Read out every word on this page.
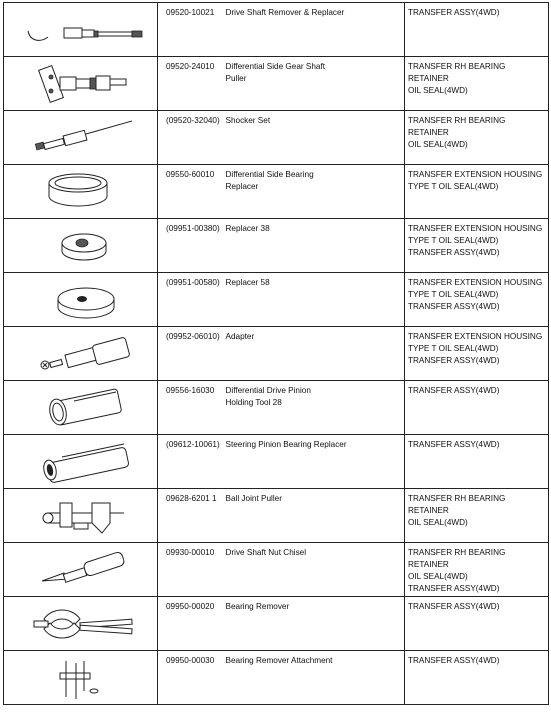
09520-10021	Drive Shaft Remover & Replacer	TRANSFER ASSY(4WD)

09520-24010	Differential Side Gear Shaft
Puller	TRANSFER RH BEARING RETAINER
OIL SEAL(4WD)

(09520-32040)	Shocker Set	TRANSFER RH BEARING RETAINER
OIL SEAL(4WD)

09550-60010	Differential Side Bearing
Replacer	TRANSFER EXTENSION HOUSING
TYPE T OIL SEAL(4WD)

(09951-00380)	Replacer 38	TRANSFER EXTENSION HOUSING
TYPE T OIL SEAL(4WD)
TRANSFER ASSY(4WD)

(09951-00580)	Replacer 58	TRANSFER EXTENSION HOUSING
TYPE T OIL SEAL(4WD)
TRANSFER ASSY(4WD)

(09952-06010)	Adapter	TRANSFER EXTENSION HOUSING
TYPE T OIL SEAL(4WD)
TRANSFER ASSY(4WD)

09556-16030	Differential Drive Pinion
Holding Tool 28	TRANSFER ASSY(4WD)

(09612-10061)	Steering Pinion Bearing Replacer	TRANSFER ASSY(4WD)

09628-6201 1	Ball Joint Puller	TRANSFER RH BEARING RETAINER
OIL SEAL(4WD)

09930-00010	Drive Shaft Nut Chisel	TRANSFER RH BEARING RETAINER
OIL SEAL(4WD)
TRANSFER ASSY(4WD)

09950-00020	Bearing Remover	TRANSFER ASSY(4WD)

09950-00030	Bearing Remover Attachment	TRANSFER ASSY(4WD)
